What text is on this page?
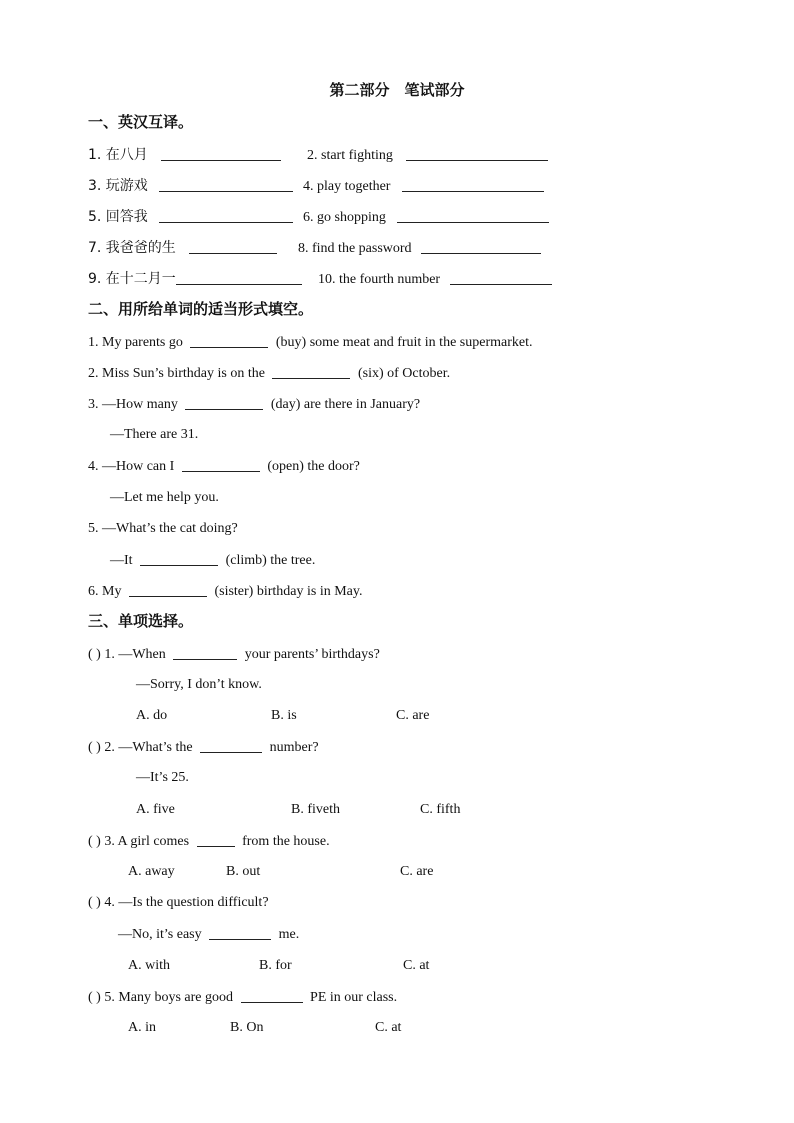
第二部分　笔试部分
一、英汉互译。
1. 在八月	2. start fighting
3. 玩游戏	4. play together
5. 回答我	6. go shopping
7. 我爸爸的生	8. find the password
9. 在十二月一	10. the fourth number
二、用所给单词的适当形式填空。
1. My parents go	(buy) some meat and fruit in the supermarket.
2. Miss Sun’s birthday is on the	(six) of October.
3. —How many	(day) are there in January?
—There are 31.
4. —How can I	(open) the door?
—Let me help you.
5. —What’s the cat doing?
—It	(climb) the tree.
6. My	(sister) birthday is in May.
三、单项选择。
( ) 1. —When	your parents’ birthdays?
—Sorry, I don’t know.
A. do	B. is	C. are
( ) 2. —What’s the	number?
—It’s 25.
A. five	B. fiveth	C. fifth
( ) 3. A girl comes	from the house.
A. away	B. out	C. are
( ) 4. —Is the question difficult?
—No, it’s easy	me.
A. with	B. for	C. at
( ) 5. Many boys are good	PE in our class.
A. in	B. On	C. at
